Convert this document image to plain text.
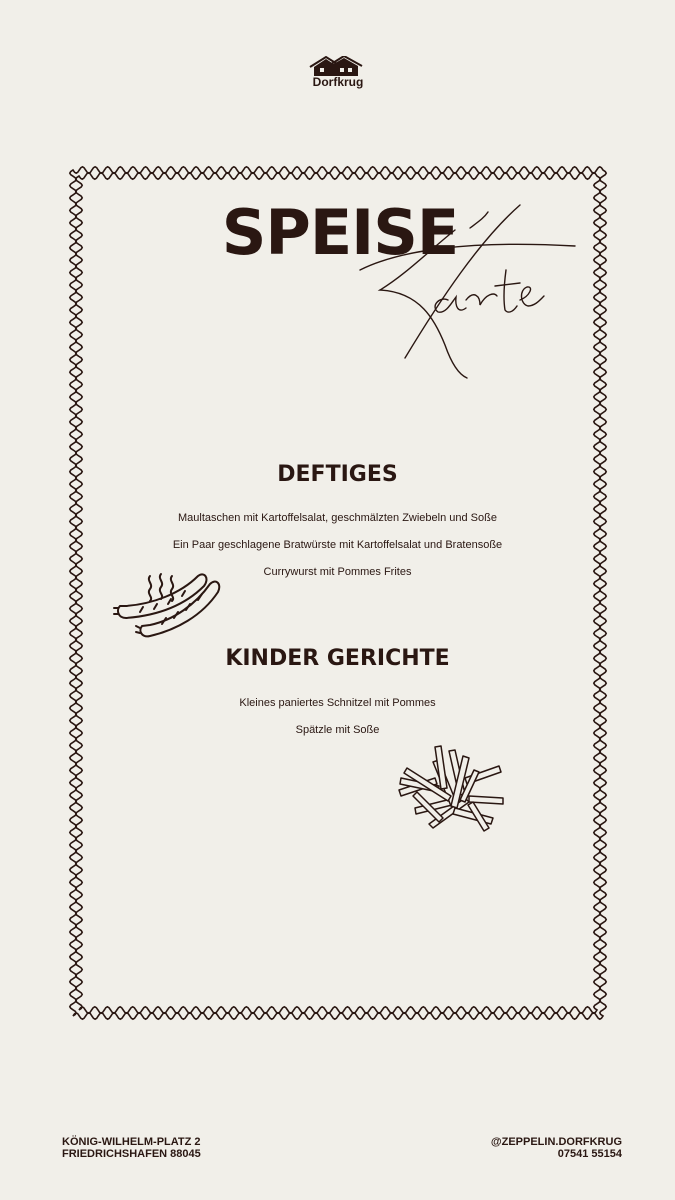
Dorfkrug
SPEISE
Karte
DEFTIGES
Maultaschen mit Kartoffelsalat, geschmälzten Zwiebeln und Soße
Ein Paar geschlagene Bratwürste mit Kartoffelsalat und Bratensoße
Currywurst mit Pommes Frites
KINDER GERICHTE
Kleines paniertes Schnitzel mit Pommes
Spätzle mit Soße
KÖNIG-WILHELM-PLATZ 2
FRIEDRICHSHAFEN 88045
@ZEPPELIN.DORFKRUG
07541 55154
